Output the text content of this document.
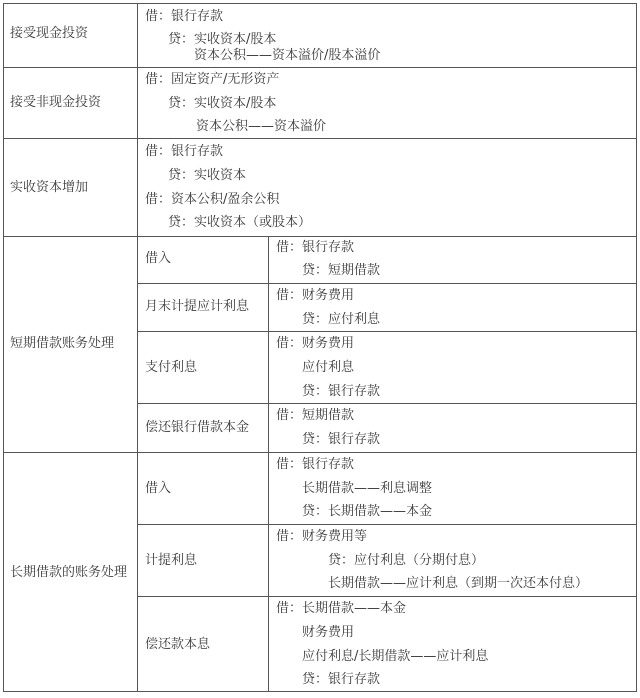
接受现金投资
借：银行存款
贷：实收资本/股本
资本公积——资本溢价/股本溢价
接受非现金投资
借：固定资产/无形资产
贷：实收资本/股本
资本公积——资本溢价
实收资本增加
借：银行存款
贷：实收资本
借：资本公积/盈余公积
贷：实收资本（或股本）
短期借款账务处理
借入
借：银行存款
贷：短期借款
月末计提应计利息
借：财务费用
贷：应付利息
支付利息
借：财务费用
应付利息
贷：银行存款
偿还银行借款本金
借：短期借款
贷：银行存款
长期借款的账务处理
借入
借：银行存款
长期借款——利息调整
贷：长期借款——本金
计提利息
借：财务费用等
贷：应付利息（分期付息）
长期借款——应计利息（到期一次还本付息）
偿还款本息
借：长期借款——本金
财务费用
应付利息/长期借款——应计利息
贷：银行存款
